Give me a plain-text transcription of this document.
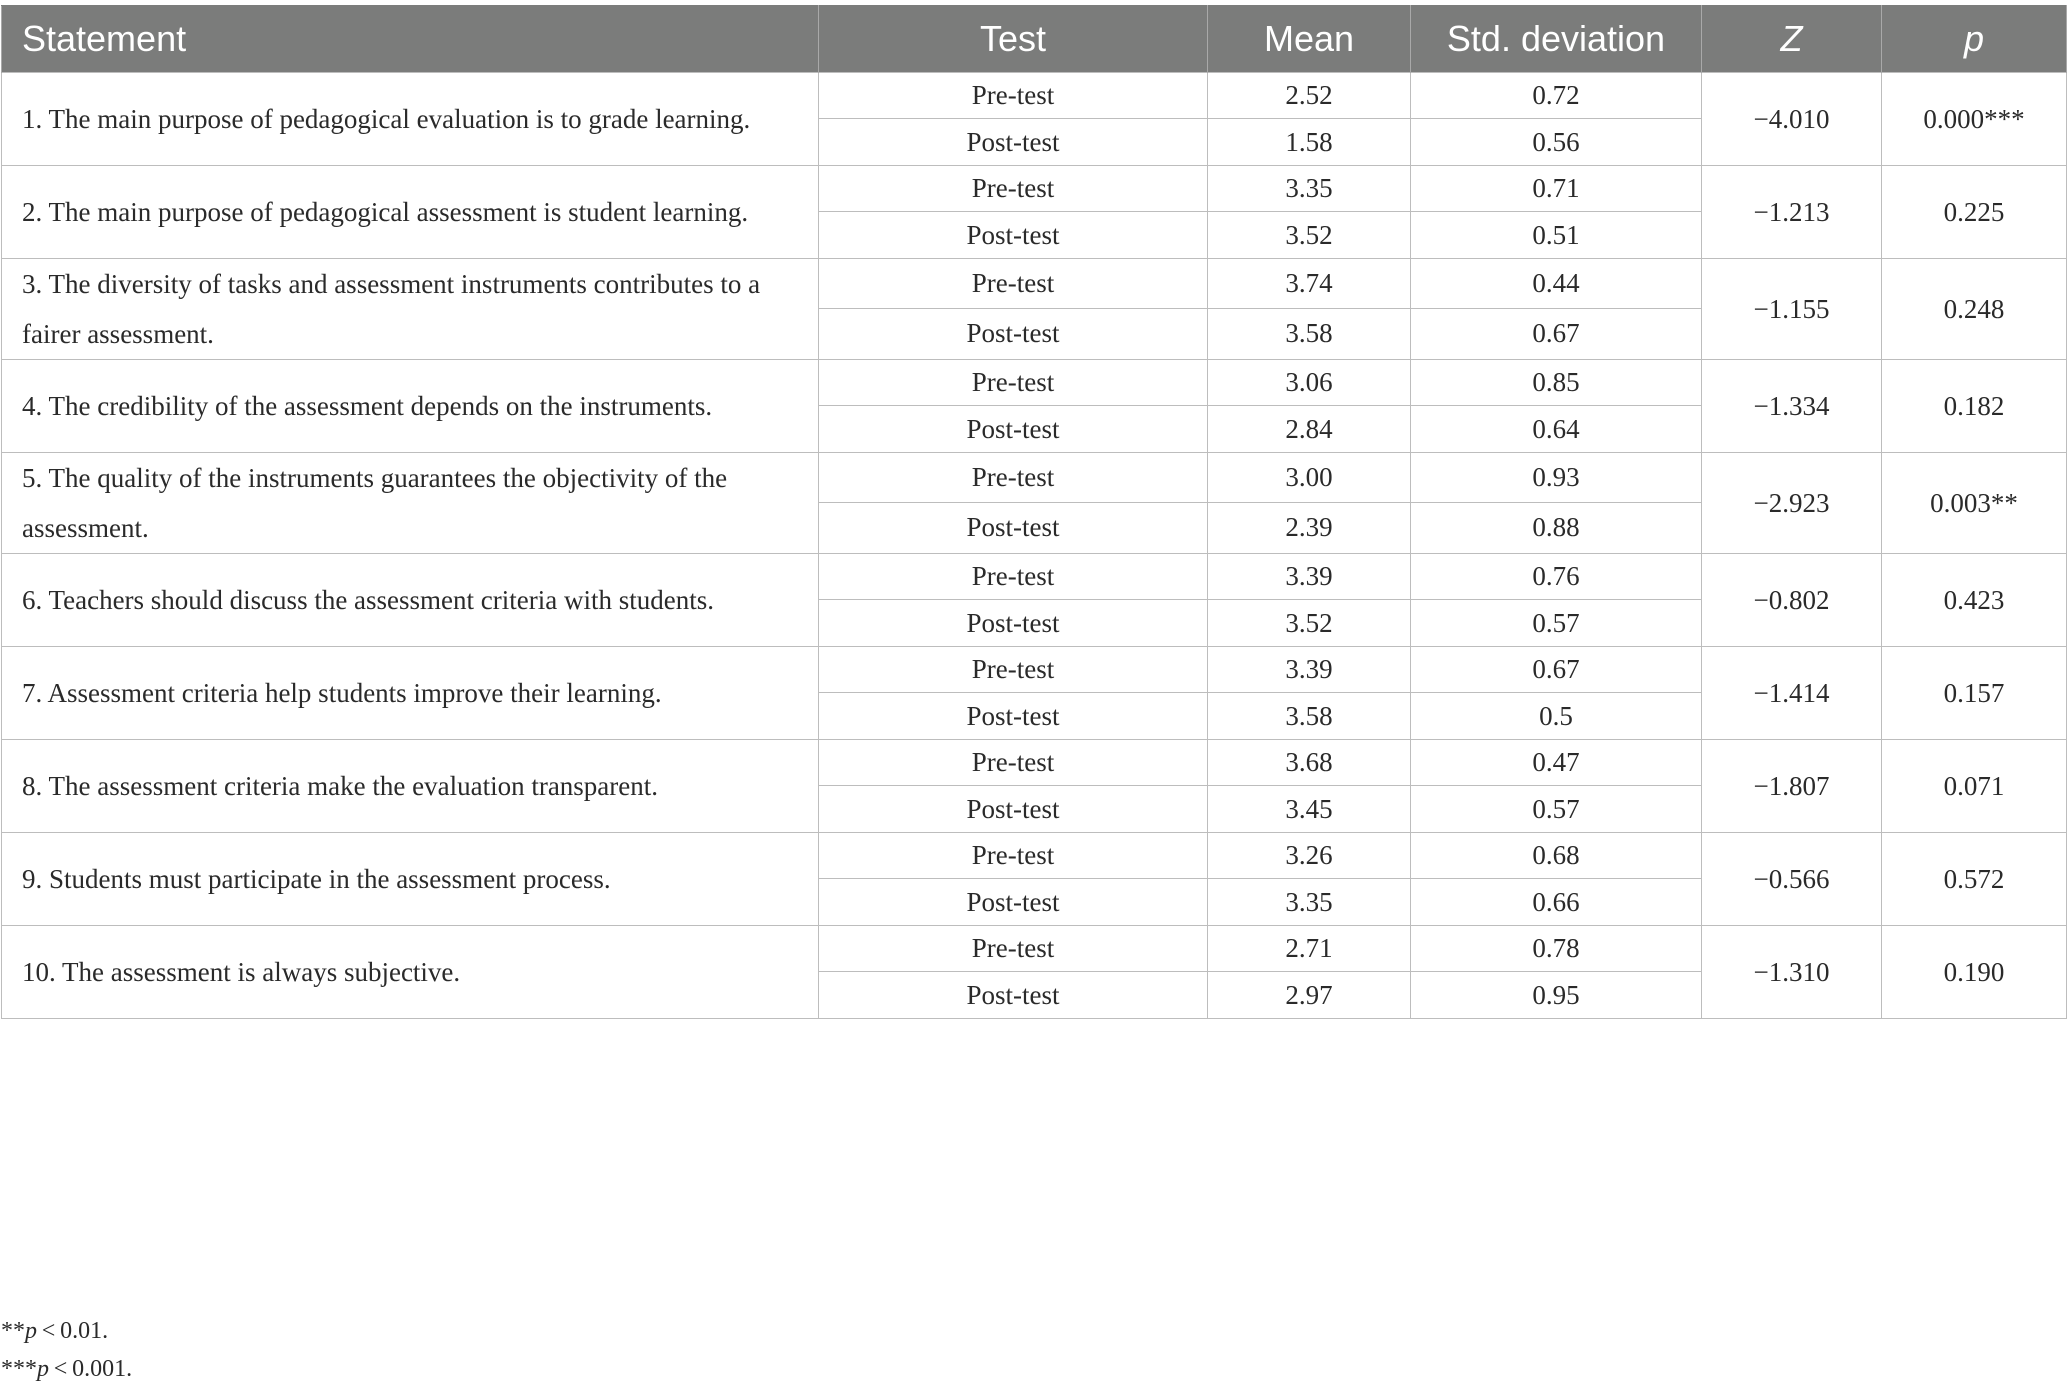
Statement	Test	Mean	Std. deviation	Z	p
1. The main purpose of pedagogical evaluation is to grade learning.	Pre-test	2.52	0.72	−4.010	0.000***
	Post-test	1.58	0.56		
2. The main purpose of pedagogical assessment is student learning.	Pre-test	3.35	0.71	−1.213	0.225
	Post-test	3.52	0.51		
3. The diversity of tasks and assessment instruments contributes to a fairer assessment.	Pre-test	3.74	0.44	−1.155	0.248
	Post-test	3.58	0.67		
4. The credibility of the assessment depends on the instruments.	Pre-test	3.06	0.85	−1.334	0.182
	Post-test	2.84	0.64		
5. The quality of the instruments guarantees the objectivity of the assessment.	Pre-test	3.00	0.93	−2.923	0.003**
	Post-test	2.39	0.88		
6. Teachers should discuss the assessment criteria with students.	Pre-test	3.39	0.76	−0.802	0.423
	Post-test	3.52	0.57		
7. Assessment criteria help students improve their learning.	Pre-test	3.39	0.67	−1.414	0.157
	Post-test	3.58	0.5		
8. The assessment criteria make the evaluation transparent.	Pre-test	3.68	0.47	−1.807	0.071
	Post-test	3.45	0.57		
9. Students must participate in the assessment process.	Pre-test	3.26	0.68	−0.566	0.572
	Post-test	3.35	0.66		
10. The assessment is always subjective.	Pre-test	2.71	0.78	−1.310	0.190
	Post-test	2.97	0.95		
**p < 0.01.
***p < 0.001.
